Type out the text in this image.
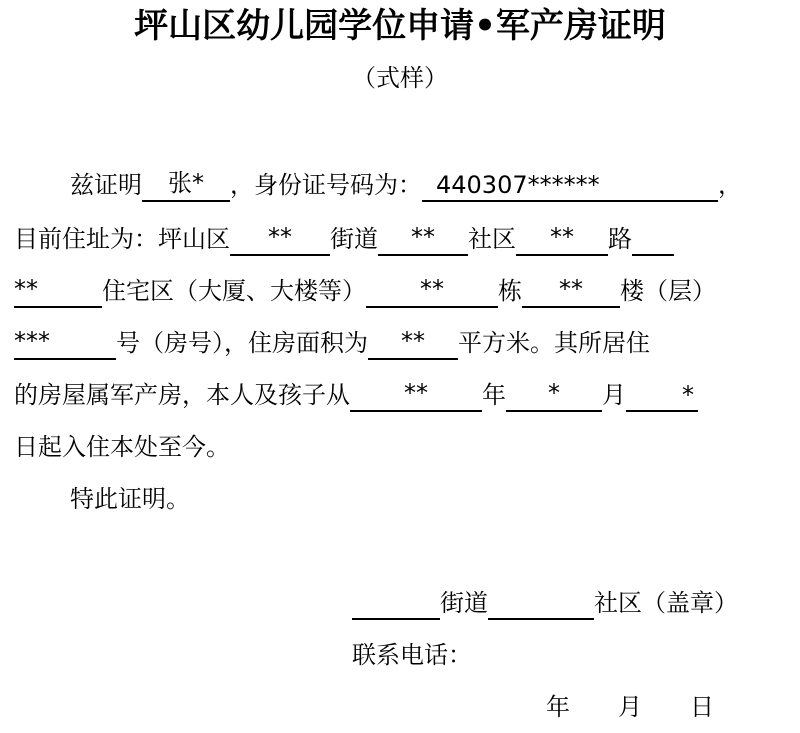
坪山区幼儿园学位申请•军产房证明
（式样）
兹证明 张* ，身份证号码为： 440307******	，
目前住址为：坪山区 ** 街道 ** 社区 ** 路
**	住宅区（大厦、大楼等） ** 栋 ** 楼（层）
***	号（房号），住房面积为 ** 平方米。其所居住
的房屋属军产房，本人及孩子从 ** 年 * 月 *
日起入住本处至今。
特此证明。
街道	社区（盖章）
联系电话：
年 月 日
